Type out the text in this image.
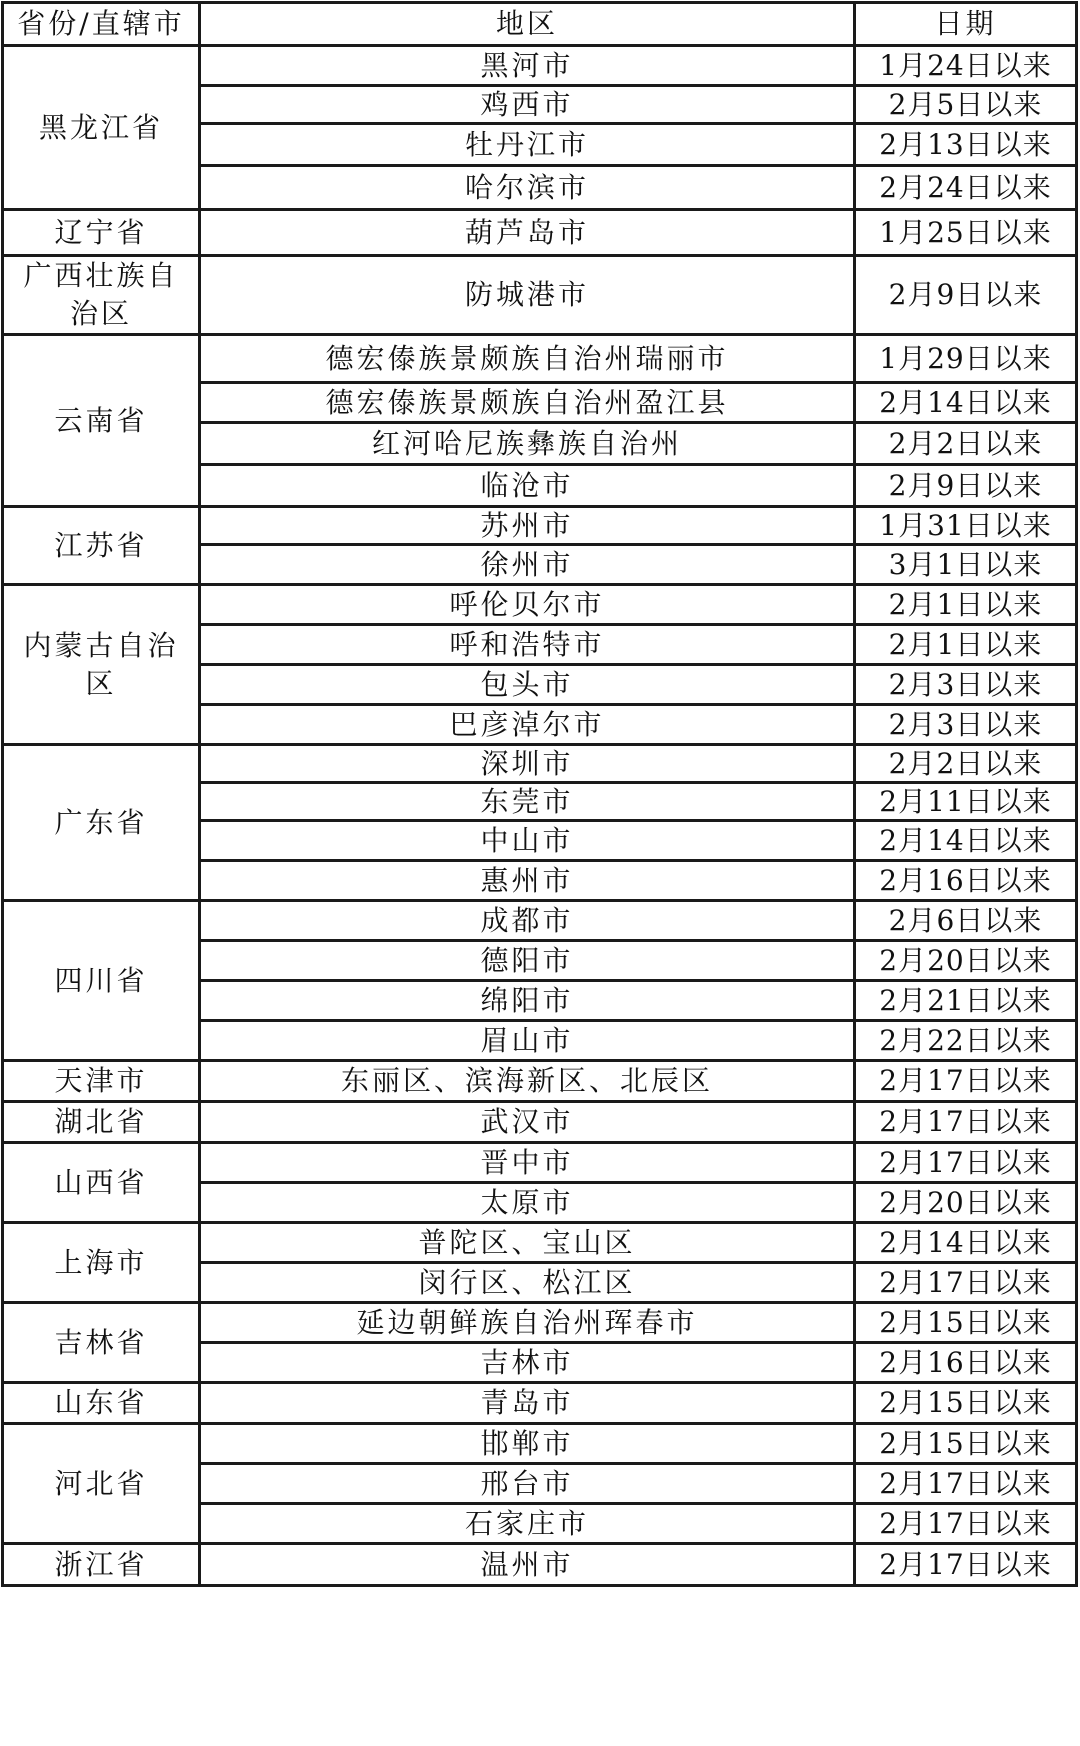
省份/直辖市	地区	日期
黑龙江省	黑河市	1月24日以来
	鸡西市	2月5日以来
	牡丹江市	2月13日以来
	哈尔滨市	2月24日以来
辽宁省	葫芦岛市	1月25日以来
广西壮族自治区	防城港市	2月9日以来
云南省	德宏傣族景颇族自治州瑞丽市	1月29日以来
	德宏傣族景颇族自治州盈江县	2月14日以来
	红河哈尼族彝族自治州	2月2日以来
	临沧市	2月9日以来
江苏省	苏州市	1月31日以来
	徐州市	3月1日以来
内蒙古自治区	呼伦贝尔市	2月1日以来
	呼和浩特市	2月1日以来
	包头市	2月3日以来
	巴彦淖尔市	2月3日以来
广东省	深圳市	2月2日以来
	东莞市	2月11日以来
	中山市	2月14日以来
	惠州市	2月16日以来
四川省	成都市	2月6日以来
	德阳市	2月20日以来
	绵阳市	2月21日以来
	眉山市	2月22日以来
天津市	东丽区、滨海新区、北辰区	2月17日以来
湖北省	武汉市	2月17日以来
山西省	晋中市	2月17日以来
	太原市	2月20日以来
上海市	普陀区、宝山区	2月14日以来
	闵行区、松江区	2月17日以来
吉林省	延边朝鲜族自治州珲春市	2月15日以来
	吉林市	2月16日以来
山东省	青岛市	2月15日以来
河北省	邯郸市	2月15日以来
	邢台市	2月17日以来
	石家庄市	2月17日以来
浙江省	温州市	2月17日以来
